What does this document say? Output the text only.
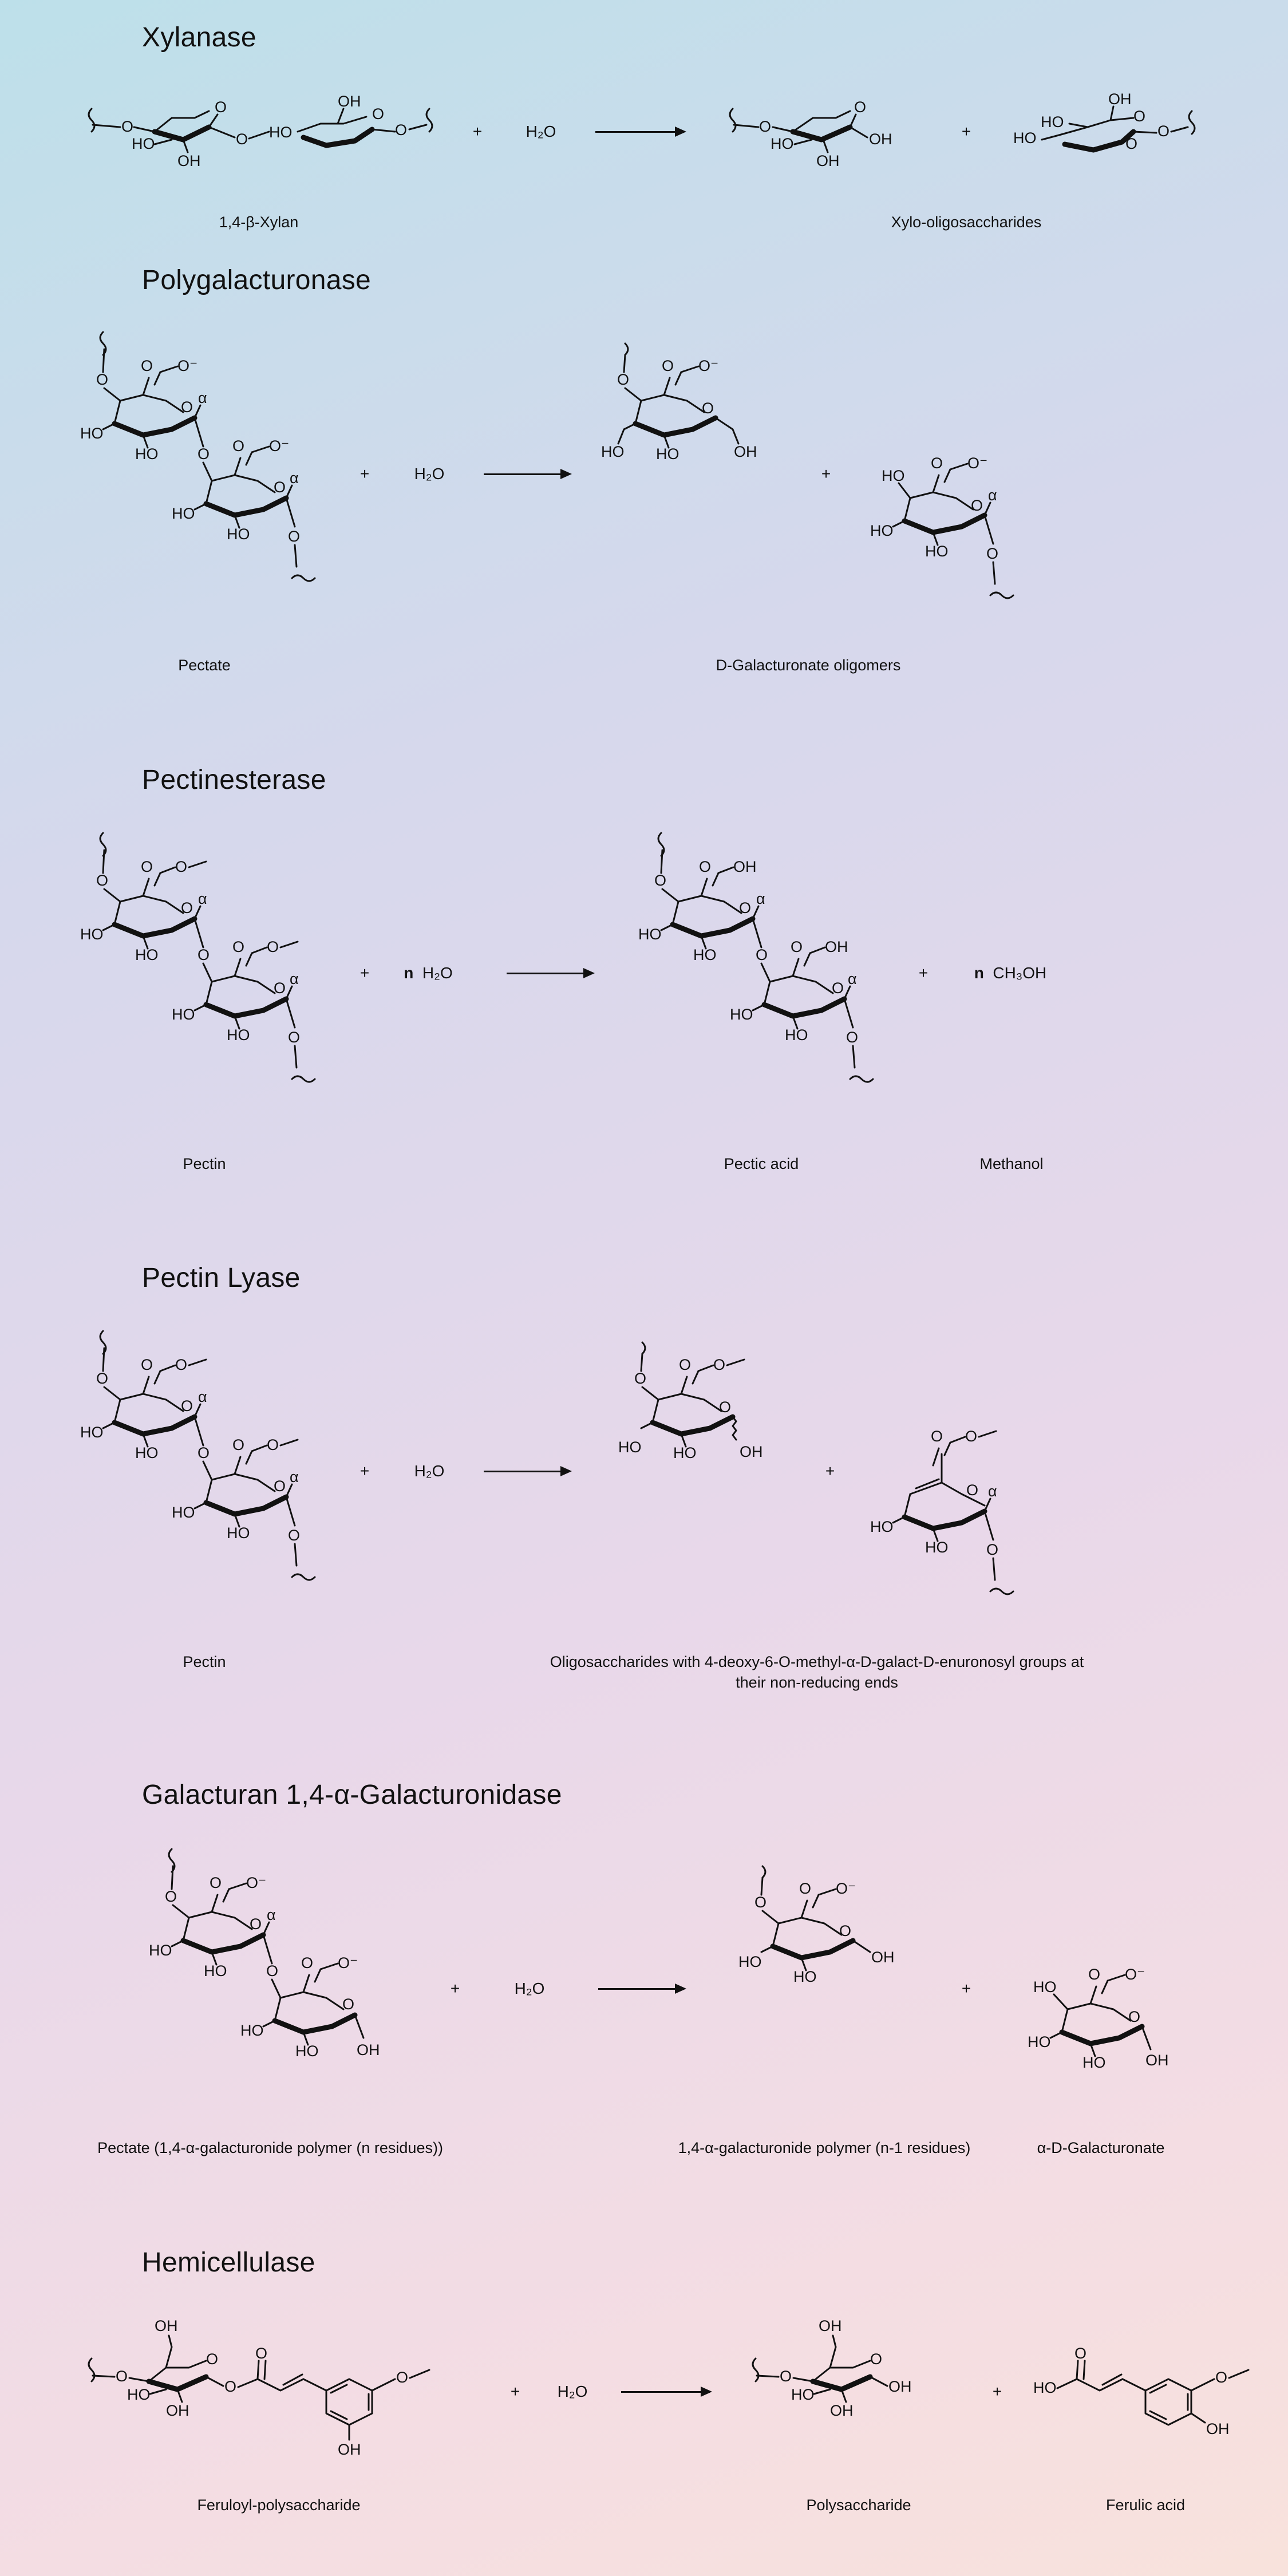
Xylanase
O
O
HO
OH
O HO
OH
O
O	+	H₂O	O
O
HO	OH
OH
+	HO
HO
OH
O
O
O
1,4-β-Xylan	Xylo-oligosaccharides
Polygalacturonase
O
O O⁻
O
HO
HO
α
O O O⁻
O
HO
HO
α
O
+	H₂O
O
O O⁻
O
HO HO	OH
+	HO
O O⁻
O
HO
HO
α
O
Pectate	D-Galacturonate oligomers
Pectinesterase
O
O O
O
HO
HO
α
O O O
O
HO
HO
α
O
+ n H₂O
O
O OH
O
HO
HO
α
O O OH
O
HO
HO
α
O
+	n CH₃OH
Pectin	Pectic acid	Methanol
Pectin Lyase
O
O O
O
HO
HO
α
O O O
O
HO
HO
α
O
+	H₂O
O
O O
O
HO HO	OH
+
O O
O
HO
HO
α
O
Pectin	Oligosaccharides with 4-deoxy-6-O-methyl-α-D-galact-D-enuronosyl groups at their non-reducing ends
Galacturan 1,4-α-Galacturonidase
O
O O⁻
O
HO
HO
α
O O O⁻
O
HO
HO OH
+	H₂O
O
O O⁻
O
HO
HO
OH
+	HO
O O⁻
O
HO
HO	OH
Pectate (1,4-α-galacturonide polymer (n residues))	1,4-α-galacturonide polymer (n-1 residues)	α-D-Galacturonate
Hemicellulase
O
OH
O
HO
OH
O
O
O
OH
+ H₂O
O
OH
O
HO
OH
OH	+ HO
O
O
OH
Feruloyl-polysaccharide	Polysaccharide	Ferulic acid
